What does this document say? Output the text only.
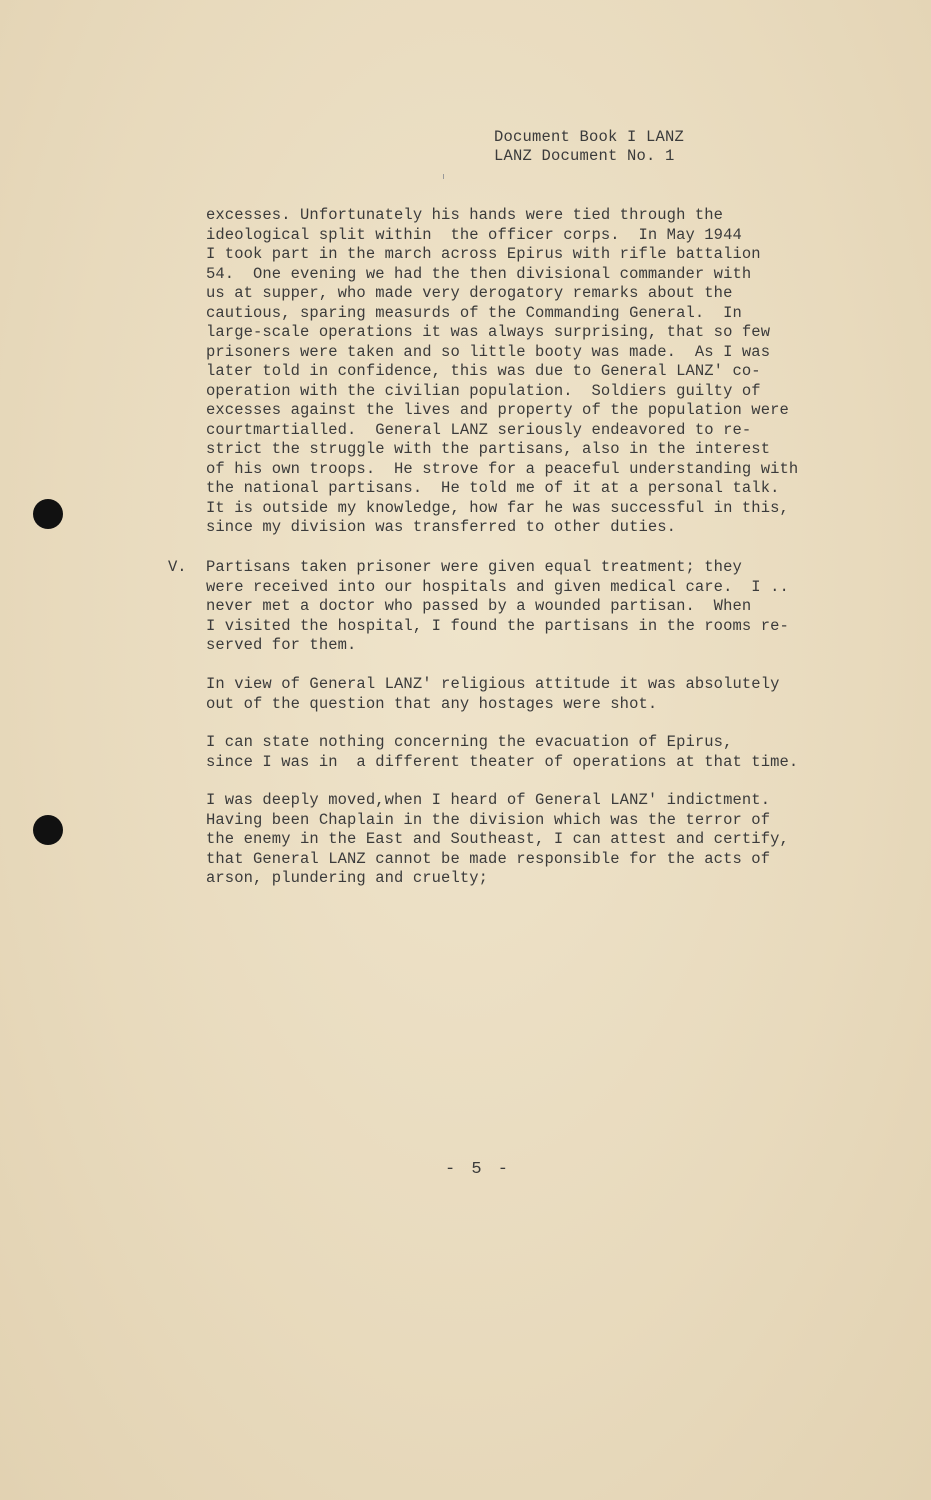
Document Book I LANZ
LANZ Document No. 1
excesses. Unfortunately his hands were tied through the
ideological split within  the officer corps.  In May 1944
I took part in the march across Epirus with rifle battalion
54.  One evening we had the then divisional commander with
us at supper, who made very derogatory remarks about the
cautious, sparing measurds of the Commanding General.  In
large-scale operations it was always surprising, that so few
prisoners were taken and so little booty was made.  As I was
later told in confidence, this was due to General LANZ' co-
operation with the civilian population.  Soldiers guilty of
excesses against the lives and property of the population were
courtmartialled.  General LANZ seriously endeavored to re-
strict the struggle with the partisans, also in the interest
of his own troops.  He strove for a peaceful understanding with
the national partisans.  He told me of it at a personal talk.
It is outside my knowledge, how far he was successful in this,
since my division was transferred to other duties.
V. Partisans taken prisoner were given equal treatment; they
were received into our hospitals and given medical care.  I ..
never met a doctor who passed by a wounded partisan.  When
I visited the hospital, I found the partisans in the rooms re-
served for them.
In view of General LANZ' religious attitude it was absolutely
out of the question that any hostages were shot.
I can state nothing concerning the evacuation of Epirus,
since I was in  a different theater of operations at that time.
I was deeply moved,when I heard of General LANZ' indictment.
Having been Chaplain in the division which was the terror of
the enemy in the East and Southeast, I can attest and certify,
that General LANZ cannot be made responsible for the acts of
arson, plundering and cruelty;
- 5 -
